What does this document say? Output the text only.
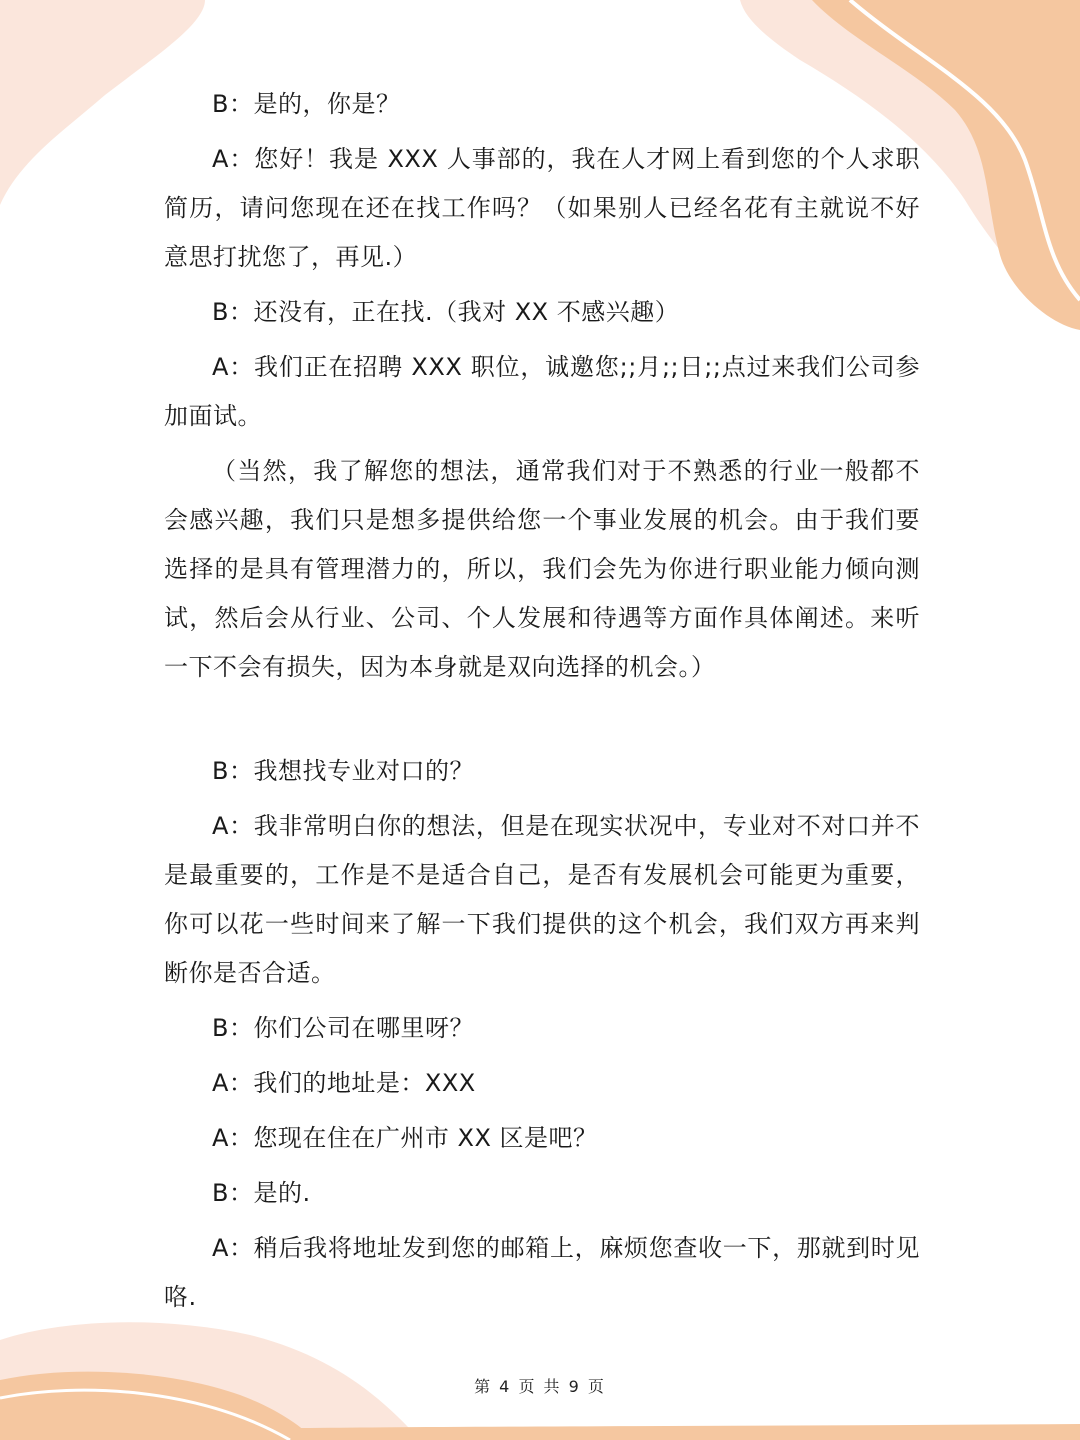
B：是的，你是？

A：您好！我是 XXX 人事部的，我在人才网上看到您的个人求职简历，请问您现在还在找工作吗？（如果别人已经名花有主就说不好意思打扰您了，再见.）

B：还没有，正在找.（我对 XX 不感兴趣）

A：我们正在招聘 XXX 职位，诚邀您;;月;;日;;点过来我们公司参加面试。

（当然，我了解您的想法，通常我们对于不熟悉的行业一般都不会感兴趣，我们只是想多提供给您一个事业发展的机会。由于我们要选择的是具有管理潜力的，所以，我们会先为你进行职业能力倾向测试，然后会从行业、公司、个人发展和待遇等方面作具体阐述。来听一下不会有损失，因为本身就是双向选择的机会。）

B：我想找专业对口的？

A：我非常明白你的想法，但是在现实状况中，专业对不对口并不是最重要的，工作是不是适合自己，是否有发展机会可能更为重要，你可以花一些时间来了解一下我们提供的这个机会，我们双方再来判断你是否合适。

B：你们公司在哪里呀？

A：我们的地址是：XXX

A：您现在住在广州市 XX 区是吧？

B：是的.

A：稍后我将地址发到您的邮箱上，麻烦您查收一下，那就到时见咯.

第 4 页 共 9 页
